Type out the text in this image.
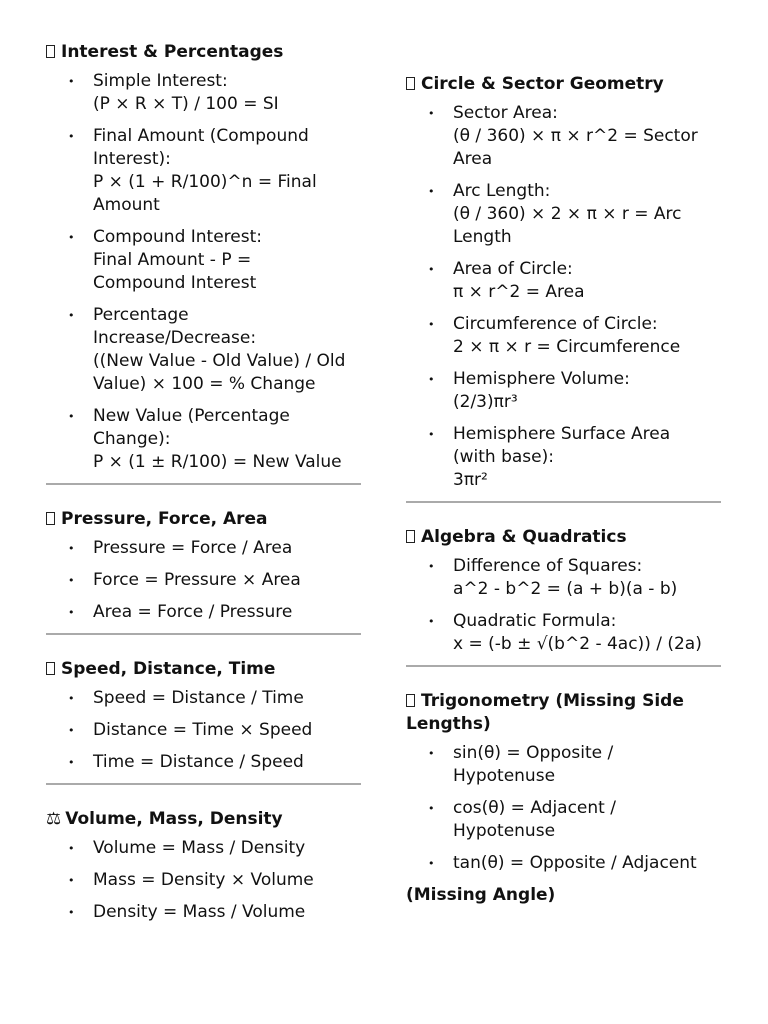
Interest & Percentages
• Simple Interest:
(P × R × T) / 100 = SI
• Final Amount (Compound
Interest):
P × (1 + R/100)^n = Final
Amount
• Compound Interest:
Final Amount - P =
Compound Interest
• Percentage
Increase/Decrease:
((New Value - Old Value) / Old
Value) × 100 = % Change
• New Value (Percentage
Change):
P × (1 ± R/100) = New Value
Pressure, Force, Area
• Pressure = Force / Area
• Force = Pressure × Area
• Area = Force / Pressure
Speed, Distance, Time
• Speed = Distance / Time
• Distance = Time × Speed
• Time = Distance / Speed
⚖ Volume, Mass, Density
• Volume = Mass / Density
• Mass = Density × Volume
• Density = Mass / Volume
Circle & Sector Geometry
• Sector Area:
(θ / 360) × π × r^2 = Sector
Area
• Arc Length:
(θ / 360) × 2 × π × r = Arc
Length
• Area of Circle:
π × r^2 = Area
• Circumference of Circle:
2 × π × r = Circumference
• Hemisphere Volume:
(2/3)πr³
• Hemisphere Surface Area
(with base):
3πr²
Algebra & Quadratics
• Difference of Squares:
a^2 - b^2 = (a + b)(a - b)
• Quadratic Formula:
x = (-b ± √(b^2 - 4ac)) / (2a)
Trigonometry (Missing Side Lengths)
• sin(θ) = Opposite /
Hypotenuse
• cos(θ) = Adjacent /
Hypotenuse
• tan(θ) = Opposite / Adjacent
(Missing Angle)
